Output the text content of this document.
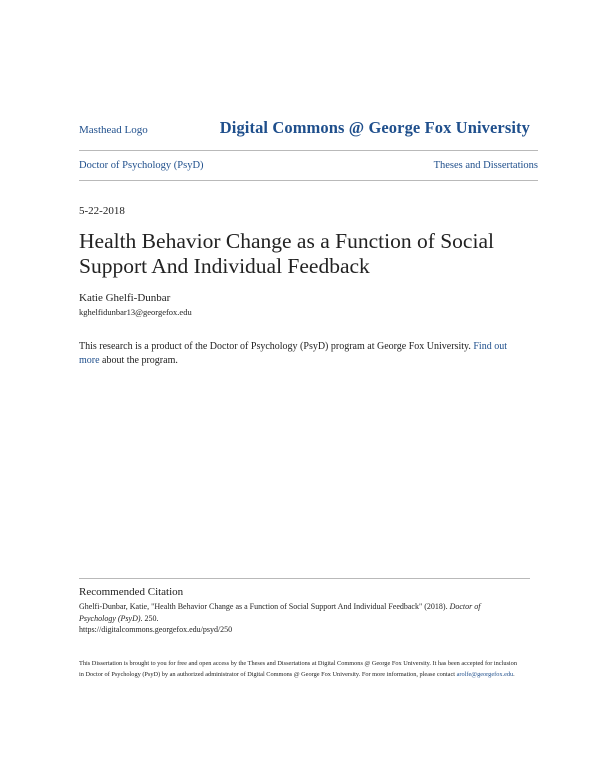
Masthead Logo	Digital Commons @ George Fox University
Doctor of Psychology (PsyD)	Theses and Dissertations
5-22-2018
Health Behavior Change as a Function of Social Support And Individual Feedback
Katie Ghelfi-Dunbar
kghelfidunbar13@georgefox.edu

This research is a product of the Doctor of Psychology (PsyD) program at George Fox University. Find out more about the program.

Recommended Citation

Ghelfi-Dunbar, Katie, "Health Behavior Change as a Function of Social Support And Individual Feedback" (2018). Doctor of Psychology (PsyD). 250.
https://digitalcommons.georgefox.edu/psyd/250

This Dissertation is brought to you for free and open access by the Theses and Dissertations at Digital Commons @ George Fox University. It has been accepted for inclusion in Doctor of Psychology (PsyD) by an authorized administrator of Digital Commons @ George Fox University. For more information, please contact arolfe@georgefox.edu.
